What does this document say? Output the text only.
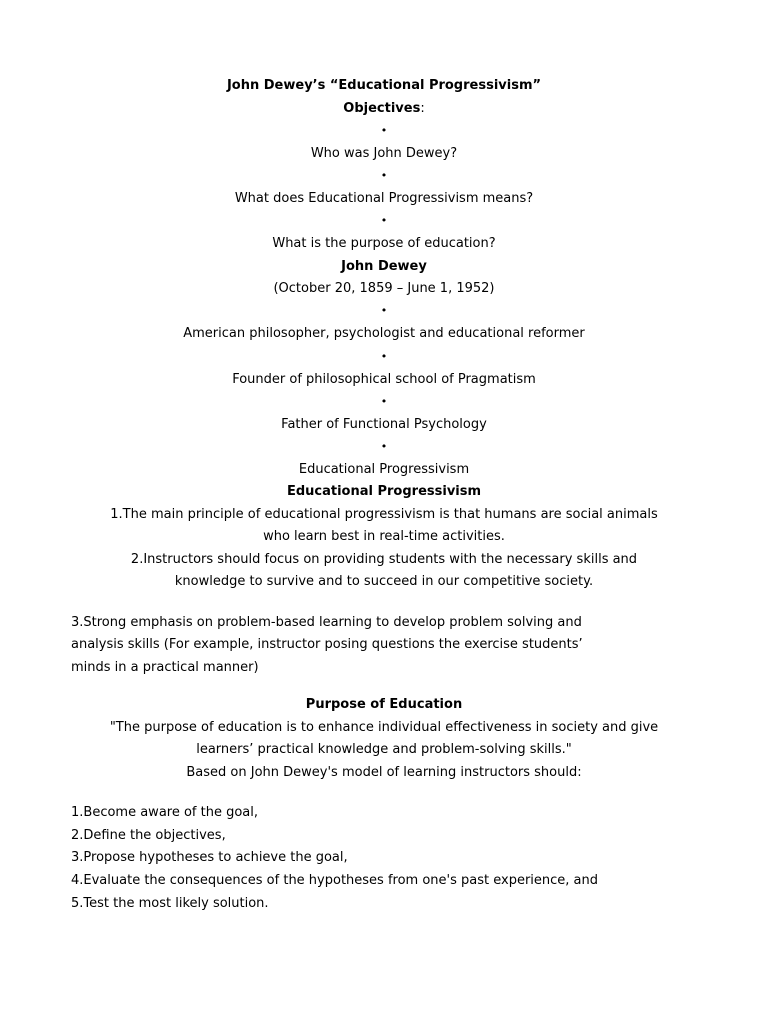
John Dewey’s “Educational Progressivism”
Objectives:
•
Who was John Dewey?
•
What does Educational Progressivism means?
•
What is the purpose of education?
John Dewey
(October 20, 1859 – June 1, 1952)
•
American philosopher, psychologist and educational reformer
•
Founder of philosophical school of Pragmatism
•
Father of Functional Psychology
•
Educational Progressivism
Educational Progressivism
1.The main principle of educational progressivism is that humans are social animals
who learn best in real-time activities.
2.Instructors should focus on providing students with the necessary skills and
knowledge to survive and to succeed in our competitive society.
3.Strong emphasis on problem-based learning to develop problem solving and
analysis skills (For example, instructor posing questions the exercise students’
minds in a practical manner)
Purpose of Education
"The purpose of education is to enhance individual effectiveness in society and give
learners’ practical knowledge and problem-solving skills."
Based on John Dewey's model of learning instructors should:
1.Become aware of the goal,
2.Define the objectives,
3.Propose hypotheses to achieve the goal,
4.Evaluate the consequences of the hypotheses from one's past experience, and
5.Test the most likely solution.
